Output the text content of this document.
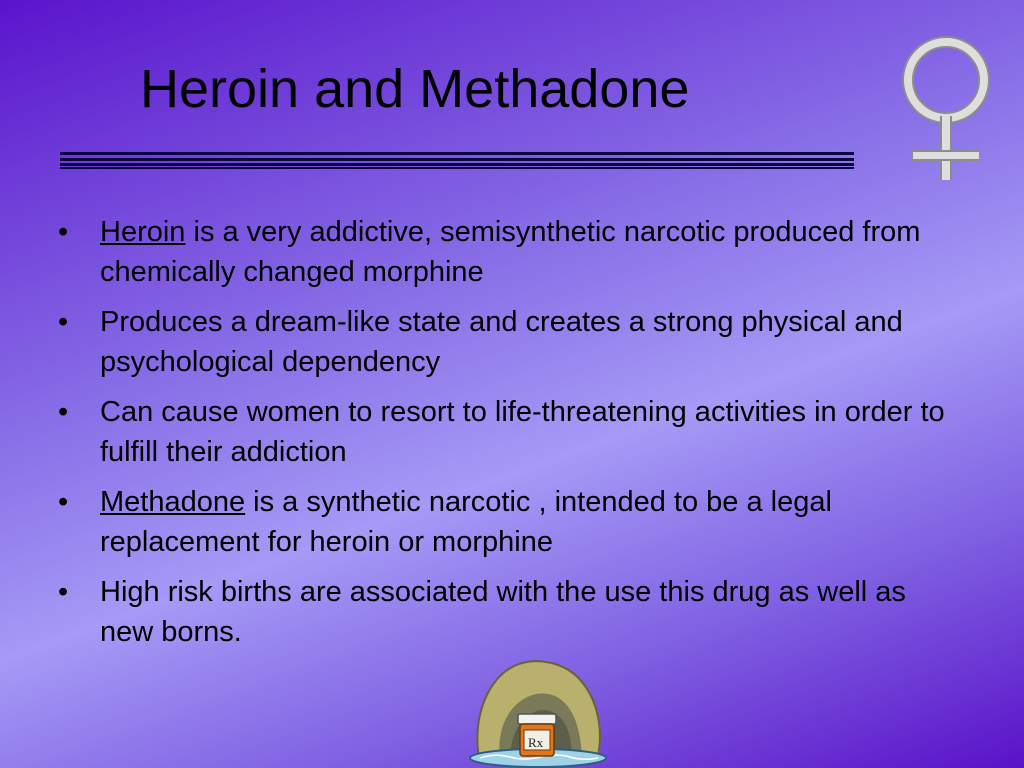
Heroin and Methadone
• Heroin is a very addictive, semisynthetic narcotic produced from chemically changed morphine
• Produces a dream-like state and creates a strong physical and psychological dependency
• Can cause women to resort to life-threatening activities in order to fulfill their addiction
• Methadone is a synthetic narcotic , intended to be a legal replacement for heroin or morphine
• High risk births are associated with the use this drug as well as new borns.
Rx
